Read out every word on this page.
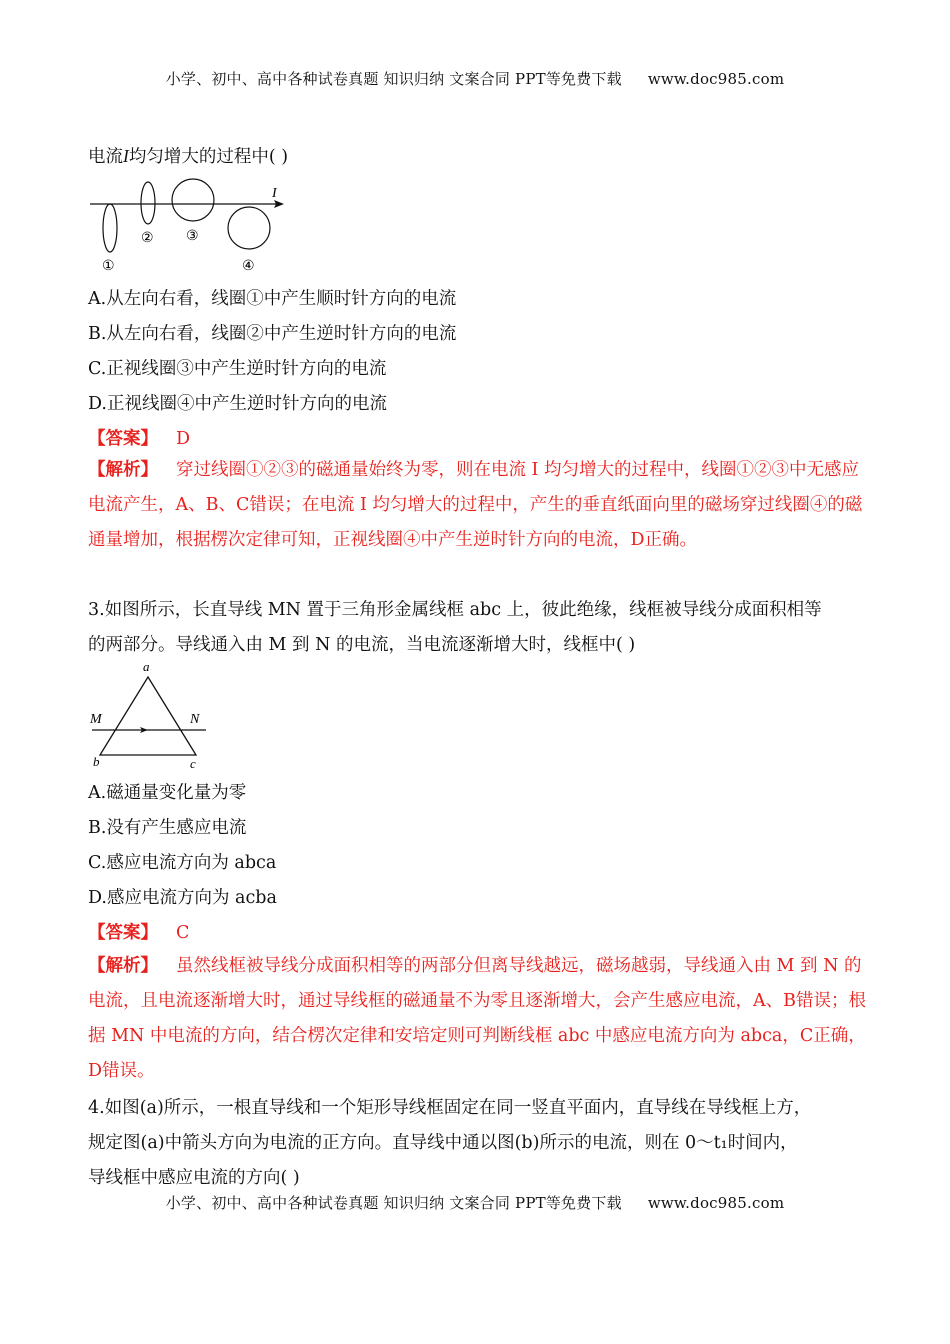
小学、初中、高中各种试卷真题 知识归纳 文案合同 PPT等免费下载 www.doc985.com
电流I均匀增大的过程中( )
I
①
② ③
④
A.从左向右看，线圈①中产生顺时针方向的电流
B.从左向右看，线圈②中产生逆时针方向的电流
C.正视线圈③中产生逆时针方向的电流
D.正视线圈④中产生逆时针方向的电流
【答案】 D
【解析】 穿过线圈①②③的磁通量始终为零，则在电流 I 均匀增大的过程中，线圈①②③中无感应电流产生，A、B、C错误；在电流 I 均匀增大的过程中，产生的垂直纸面向里的磁场穿过线圈④的磁通量增加，根据楞次定律可知，正视线圈④中产生逆时针方向的电流，D正确。
3.如图所示，长直导线 MN 置于三角形金属线框 abc 上，彼此绝缘，线框被导线分成面积相等
的两部分。导线通入由 M 到 N 的电流，当电流逐渐增大时，线框中( )
a
b	c
M	N
A.磁通量变化量为零
B.没有产生感应电流
C.感应电流方向为 abca
D.感应电流方向为 acba
【答案】 C
【解析】 虽然线框被导线分成面积相等的两部分但离导线越远，磁场越弱，导线通入由 M 到 N 的电流，且电流逐渐增大时，通过导线框的磁通量不为零且逐渐增大，会产生感应电流，A、B错误；根据 MN 中电流的方向，结合楞次定律和安培定则可判断线框 abc 中感应电流方向为 abca，C正确，D错误。
4.如图(a)所示，一根直导线和一个矩形导线框固定在同一竖直平面内，直导线在导线框上方，
规定图(a)中箭头方向为电流的正方向。直导线中通以图(b)所示的电流，则在 0～t₁时间内，
导线框中感应电流的方向( )
小学、初中、高中各种试卷真题 知识归纳 文案合同 PPT等免费下载 www.doc985.com
